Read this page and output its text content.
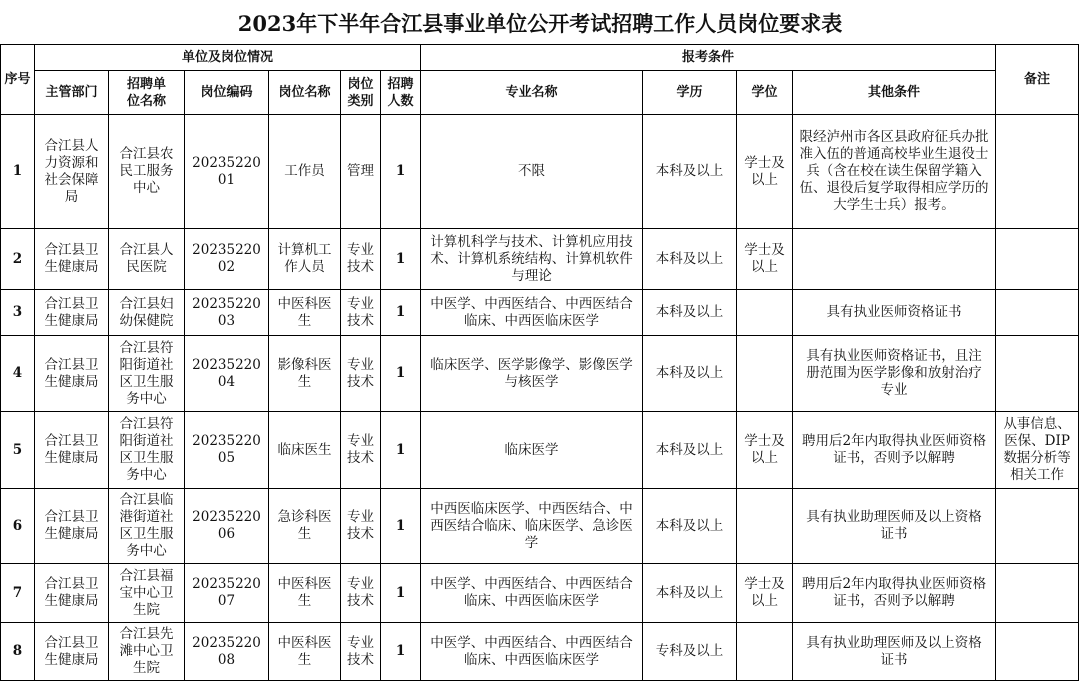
2023年下半年合江县事业单位公开考试招聘工作人员岗位要求表
序号	单位及岗位情况						报考条件				备注
	主管部门	招聘单位名称	岗位编码	岗位名称	岗位类别	招聘人数	专业名称	学历	学位	其他条件	
1	合江县人力资源和社会保障局	合江县农民工服务中心	2023522001	工作员	管理	1	不限	本科及以上	学士及以上	限经泸州市各区县政府征兵办批准入伍的普通高校毕业生退役士兵（含在校在读生保留学籍入伍、退役后复学取得相应学历的大学生士兵）报考。	
2	合江县卫生健康局	合江县人民医院	2023522002	计算机工作人员	专业技术	1	计算机科学与技术、计算机应用技术、计算机系统结构、计算机软件与理论	本科及以上	学士及以上		
3	合江县卫生健康局	合江县妇幼保健院	2023522003	中医科医生	专业技术	1	中医学、中西医结合、中西医结合临床、中西医临床医学	本科及以上		具有执业医师资格证书	
4	合江县卫生健康局	合江县符阳街道社区卫生服务中心	2023522004	影像科医生	专业技术	1	临床医学、医学影像学、影像医学与核医学	本科及以上		具有执业医师资格证书，且注册范围为医学影像和放射治疗专业	
5	合江县卫生健康局	合江县符阳街道社区卫生服务中心	2023522005	临床医生	专业技术	1	临床医学	本科及以上	学士及以上	聘用后2年内取得执业医师资格证书，否则予以解聘	从事信息、医保、DIP数据分析等相关工作
6	合江县卫生健康局	合江县临港街道社区卫生服务中心	2023522006	急诊科医生	专业技术	1	中西医临床医学、中西医结合、中西医结合临床、临床医学、急诊医学	本科及以上		具有执业助理医师及以上资格证书	
7	合江县卫生健康局	合江县福宝中心卫生院	2023522007	中医科医生	专业技术	1	中医学、中西医结合、中西医结合临床、中西医临床医学	本科及以上	学士及以上	聘用后2年内取得执业医师资格证书，否则予以解聘	
8	合江县卫生健康局	合江县先滩中心卫生院	2023522008	中医科医生	专业技术	1	中医学、中西医结合、中西医结合临床、中西医临床医学	专科及以上		具有执业助理医师及以上资格证书	
